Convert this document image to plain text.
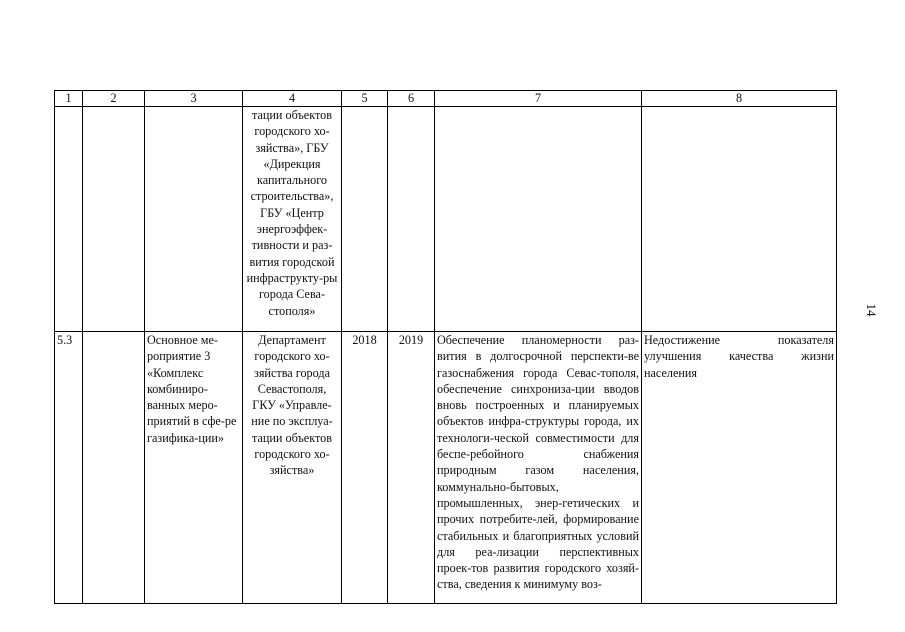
1	2	3	4	5	6	7	8
			тации объектов городского хо-зяйства», ГБУ «Дирекция капитального строительства», ГБУ «Центр энергоэффек-тивности и раз-вития городской инфраструкту-ры города Сева-стополя»				
5.3		Основное ме-роприятие 3 «Комплекс комбиниро-ванных меро-приятий в сфе-ре газифика-ции»	Департамент городского хо-зяйства города Севастополя, ГКУ «Управле-ние по эксплуа-тации объектов городского хо-зяйства»	2018	2019	Обеспечение планомерности раз-вития в долгосрочной перспекти-ве газоснабжения города Севас-тополя, обеспечение синхрониза-ции вводов вновь построенных и планируемых объектов инфра-структуры города, их технологи-ческой совместимости для беспе-ребойного снабжения природным газом населения, коммунально-бытовых, промышленных, энер-гетических и прочих потребите-лей, формирование стабильных и благоприятных условий для реа-лизации перспективных проек-тов развития городского хозяй-ства, сведения к минимуму воз-	Недостижение показателя улучшения качества жизни населения
14
